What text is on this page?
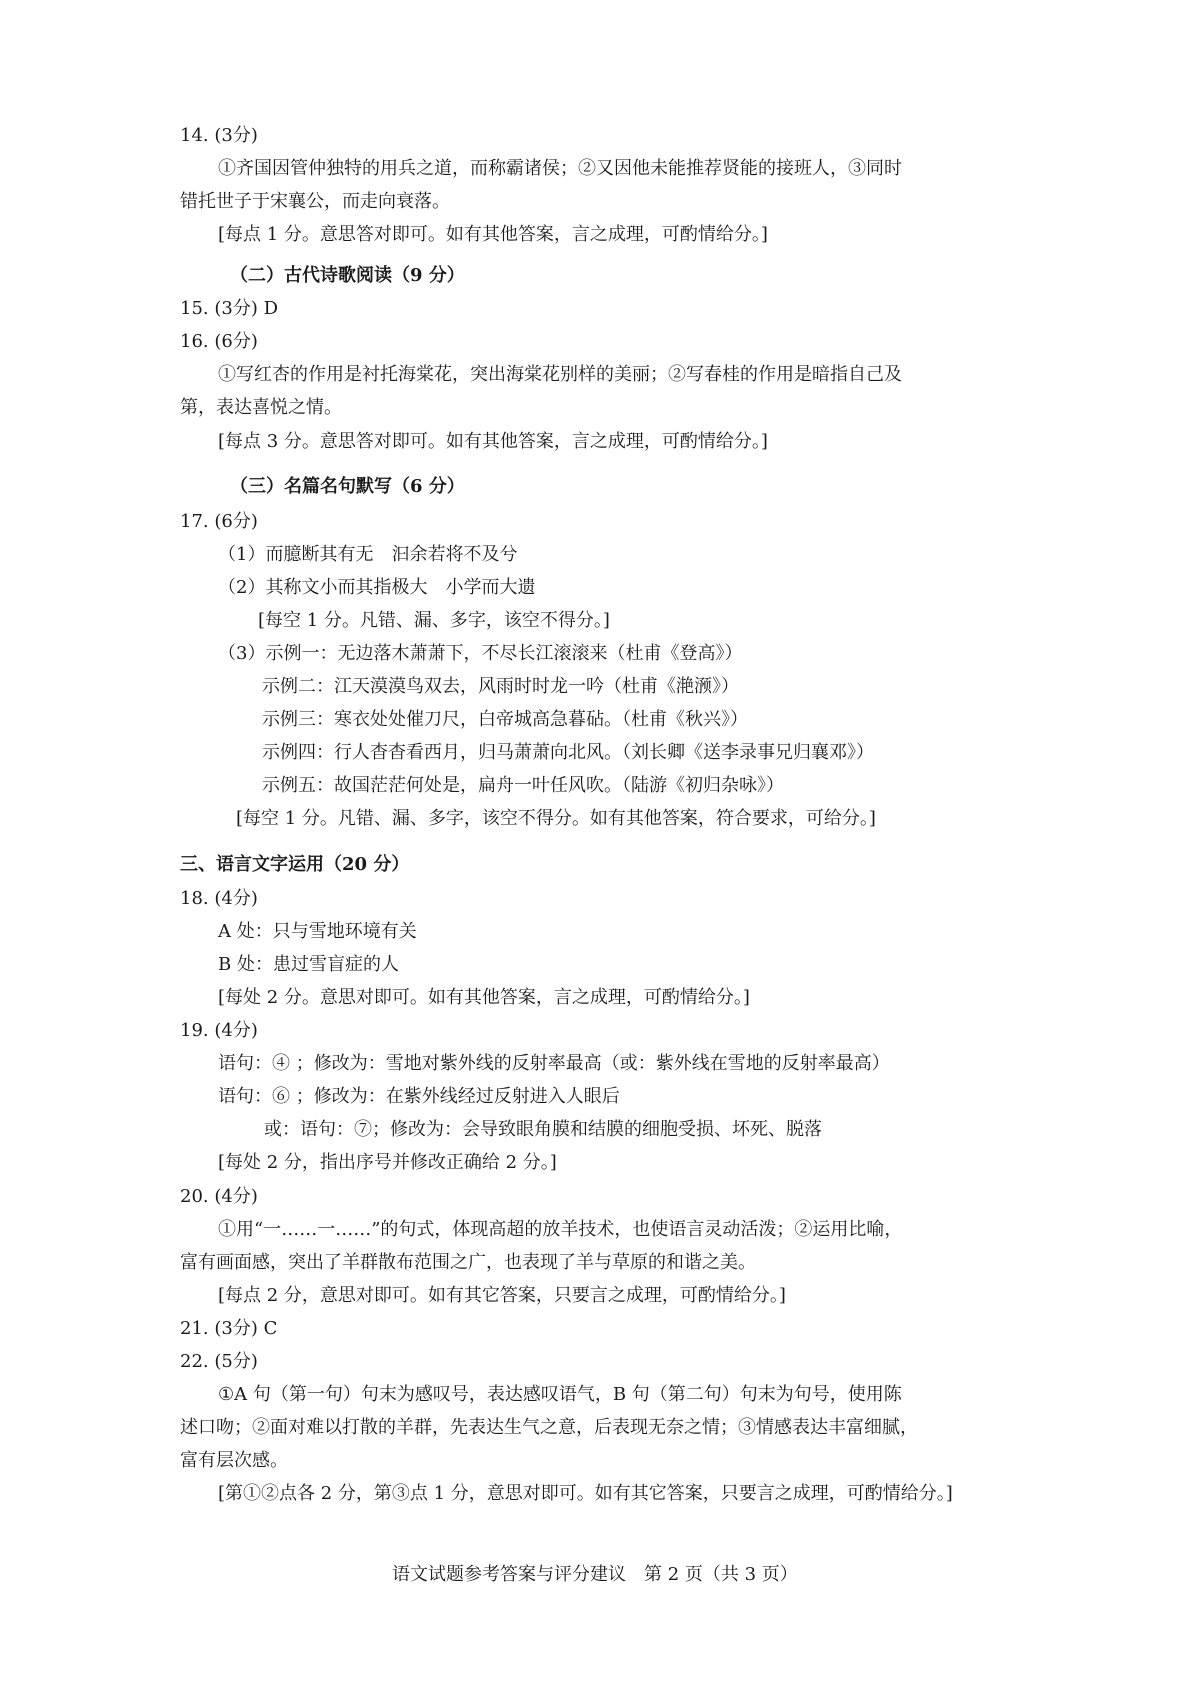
14. (3分)
①齐国因管仲独特的用兵之道，而称霸诸侯；②又因他未能推荐贤能的接班人，③同时
错托世子于宋襄公，而走向衰落。
[每点 1 分。意思答对即可。如有其他答案，言之成理，可酌情给分。]
（二）古代诗歌阅读（9 分）
15. (3分) D
16. (6分)
①写红杏的作用是衬托海棠花，突出海棠花别样的美丽；②写春桂的作用是暗指自己及
第，表达喜悦之情。
[每点 3 分。意思答对即可。如有其他答案，言之成理，可酌情给分。]
（三）名篇名句默写（6 分）
17. (6分)
（1）而臆断其有无　汩余若将不及兮
（2）其称文小而其指极大　小学而大遗
[每空 1 分。凡错、漏、多字，该空不得分。]
（3）示例一：无边落木萧萧下，不尽长江滚滚来（杜甫《登高》）
示例二：江天漠漠鸟双去，风雨时时龙一吟（杜甫《滟滪》）
示例三：寒衣处处催刀尺，白帝城高急暮砧。（杜甫《秋兴》）
示例四：行人杳杳看西月，归马萧萧向北风。（刘长卿《送李录事兄归襄邓》）
示例五：故国茫茫何处是，扁舟一叶任风吹。（陆游《初归杂咏》）
[每空 1 分。凡错、漏、多字，该空不得分。如有其他答案，符合要求，可给分。]
三、语言文字运用（20 分）
18. (4分)
A 处：只与雪地环境有关
B 处：患过雪盲症的人
[每处 2 分。意思对即可。如有其他答案，言之成理，可酌情给分。]
19. (4分)
语句：④ ；修改为：雪地对紫外线的反射率最高（或：紫外线在雪地的反射率最高）
语句：⑥ ；修改为：在紫外线经过反射进入人眼后
或：语句：⑦；修改为：会导致眼角膜和结膜的细胞受损、坏死、脱落
[每处 2 分，指出序号并修改正确给 2 分。]
20. (4分)
①用“一……一……”的句式，体现高超的放羊技术，也使语言灵动活泼；②运用比喻，
富有画面感，突出了羊群散布范围之广，也表现了羊与草原的和谐之美。
[每点 2 分，意思对即可。如有其它答案，只要言之成理，可酌情给分。]
21. (3分) C
22. (5分)
①A 句（第一句）句末为感叹号，表达感叹语气，B 句（第二句）句末为句号，使用陈
述口吻；②面对难以打散的羊群，先表达生气之意，后表现无奈之情；③情感表达丰富细腻，
富有层次感。
[第①②点各 2 分，第③点 1 分，意思对即可。如有其它答案，只要言之成理，可酌情给分。]
语文试题参考答案与评分建议　第 2 页（共 3 页）
